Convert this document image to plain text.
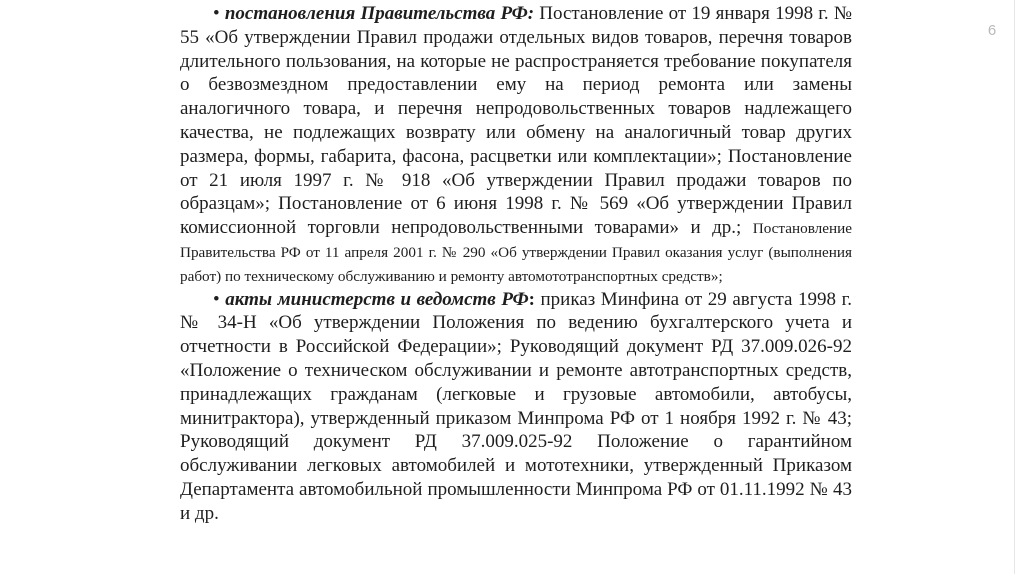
6

• постановления Правительства РФ: Постановление от 19 января 1998 г. № 55 «Об утверждении Правил продажи отдельных видов товаров, перечня товаров длительного пользования, на которые не распространяется требование покупателя о безвозмездном предоставлении ему на период ремонта или замены аналогичного товара, и перечня непродовольственных товаров надлежащего качества, не подлежащих возврату или обмену на аналогичный товар других размера, формы, габарита, фасона, расцветки или комплектации»; Постановление от 21 июля 1997 г. № 918 «Об утверждении Правил продажи товаров по образцам»; Постановление от 6 июня 1998 г. № 569 «Об утверждении Правил комиссионной торговли непродовольственными товарами» и др.; Постановление Правительства РФ от 11 апреля 2001 г. № 290 «Об утверждении Правил оказания услуг (выполнения работ) по техническому обслуживанию и ремонту автомототранспортных средств»;

• акты министерств и ведомств РФ: приказ Минфина от 29 августа 1998 г. № 34-Н «Об утверждении Положения по ведению бухгалтерского учета и отчетности в Российской Федерации»; Руководящий документ РД 37.009.026-92 «Положение о техническом обслуживании и ремонте автотранспортных средств, принадлежащих гражданам (легковые и грузовые автомобили, автобусы, минитрактора), утвержденный приказом Минпрома РФ от 1 ноября 1992 г. № 43; Руководящий документ РД 37.009.025-92 Положение о гарантийном обслуживании легковых автомобилей и мототехники, утвержденный Приказом Департамента автомобильной промышленности Минпрома РФ от 01.11.1992 № 43 и др.
